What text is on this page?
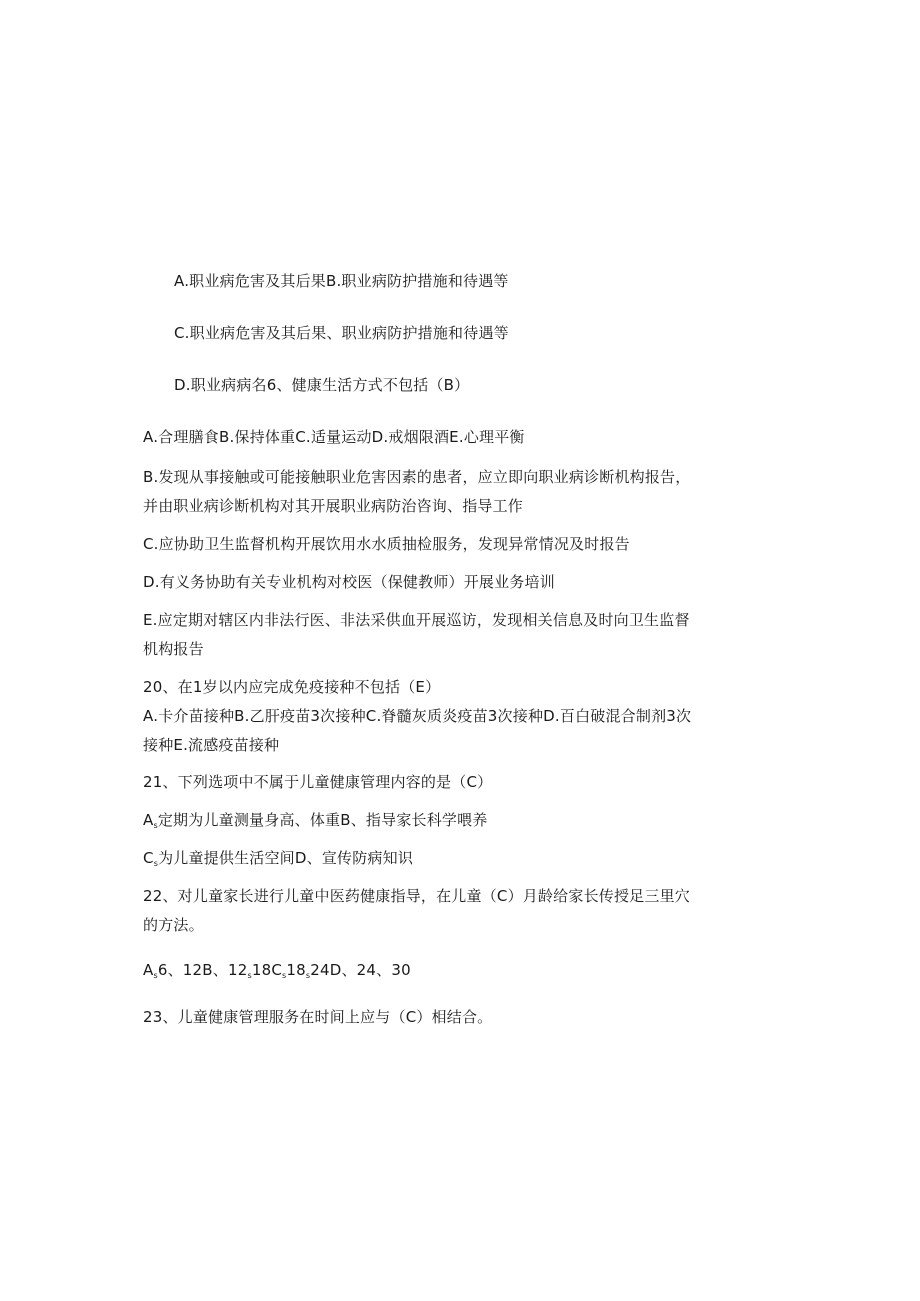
A.职业病危害及其后果B.职业病防护措施和待遇等
C.职业病危害及其后果、职业病防护措施和待遇等
D.职业病病名6、健康生活方式不包括（B）
A.合理膳食B.保持体重C.适量运动D.戒烟限酒E.心理平衡
B.发现从事接触或可能接触职业危害因素的患者，应立即向职业病诊断机构报告，
并由职业病诊断机构对其开展职业病防治咨询、指导工作
C.应协助卫生监督机构开展饮用水水质抽检服务，发现异常情况及时报告
D.有义务协助有关专业机构对校医（保健教师）开展业务培训
E.应定期对辖区内非法行医、非法采供血开展巡访，发现相关信息及时向卫生监督
机构报告
20、在1岁以内应完成免疫接种不包括（E）
A.卡介苗接种B.乙肝疫苗3次接种C.脊髓灰质炎疫苗3次接种D.百白破混合制剂3次
接种E.流感疫苗接种
21、下列选项中不属于儿童健康管理内容的是（C）
$A_s$定期为儿童测量身高、体重B、指导家长科学喂养
$C_s$为儿童提供生活空间D、宣传防病知识
22、对儿童家长进行儿童中医药健康指导，在儿童（C）月龄给家长传授足三里穴
的方法。
$A_s6$、12B、$12_s18C_s18_s24D$、24、30
23、儿童健康管理服务在时间上应与（C）相结合。
